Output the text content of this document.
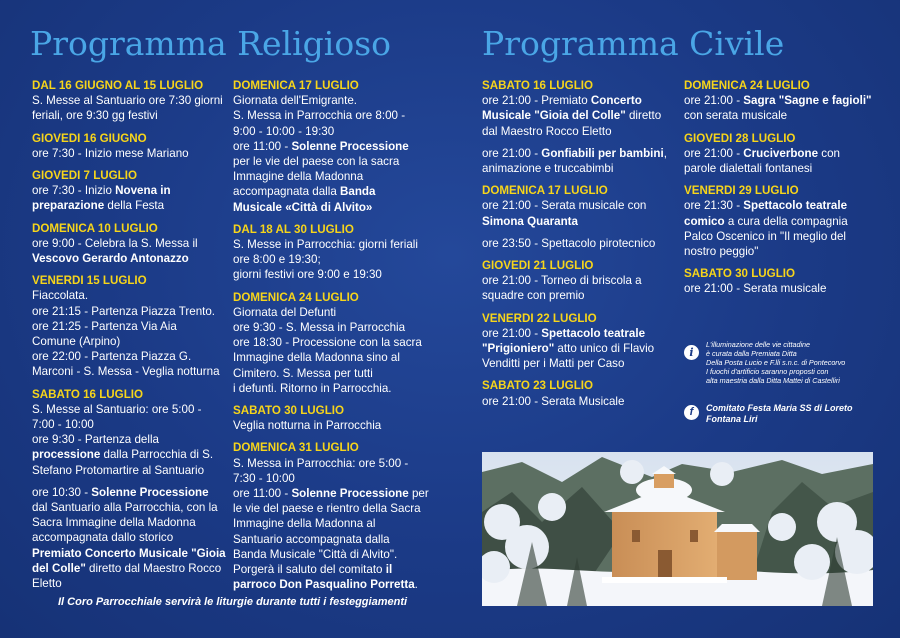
Programma Religioso	Programma Civile
DAL 16 GIUGNO AL 15 LUGLIO
S. Messe al Santuario ore 7:30 giorni
feriali, ore 9:30 gg festivi
GIOVEDI 16 GIUGNO
ore 7:30 - Inizio mese Mariano
GIOVEDI 7 LUGLIO
ore 7:30 - Inizio Novena in
preparazione della Festa
DOMENICA 10 LUGLIO
ore 9:00 - Celebra la S. Messa il
Vescovo Gerardo Antonazzo
VENERDI 15 LUGLIO
Fiaccolata.
ore 21:15 - Partenza Piazza Trento.
ore 21:25 - Partenza Via Aia
Comune (Arpino)
ore 22:00 - Partenza Piazza G.
Marconi - S. Messa - Veglia notturna
SABATO 16 LUGLIO
S. Messe al Santuario: ore 5:00 -
7:00 - 10:00
ore 9:30 - Partenza della
processione dalla Parrocchia di S.
Stefano Protomartire al Santuario
ore 10:30 - Solenne Processione
dal Santuario alla Parrocchia, con la
Sacra Immagine della Madonna
accompagnata dallo storico
Premiato Concerto Musicale "Gioia
del Colle" diretto dal Maestro Rocco
Eletto
DOMENICA 17 LUGLIO
Giornata dell'Emigrante.
S. Messa in Parrocchia ore 8:00 -
9:00 - 10:00 - 19:30
ore 11:00 - Solenne Processione
per le vie del paese con la sacra
Immagine della Madonna
accompagnata dalla Banda
Musicale «Città di Alvito»
DAL 18 AL 30 LUGLIO
S. Messe in Parrocchia: giorni feriali
ore 8:00 e 19:30;
giorni festivi ore 9:00 e 19:30
DOMENICA 24 LUGLIO
Giornata del Defunti
ore 9:30 - S. Messa in Parrocchia
ore 18:30 - Processione con la sacra
Immagine della Madonna sino al
Cimitero. S. Messa per tutti
i defunti. Ritorno in Parrocchia.
SABATO 30 LUGLIO
Veglia notturna in Parrocchia
DOMENICA 31 LUGLIO
S. Messa in Parrocchia: ore 5:00 -
7:30 - 10:00
ore 11:00 - Solenne Processione per
le vie del paese e rientro della Sacra
Immagine della Madonna al
Santuario accompagnata dalla
Banda Musicale "Città di Alvito".
Porgerà il saluto del comitato il
parroco Don Pasqualino Porretta.
SABATO 16 LUGLIO
ore 21:00 - Premiato Concerto
Musicale "Gioia del Colle" diretto
dal Maestro Rocco Eletto
ore 21:00 - Gonfiabili per bambini,
animazione e truccabimbi
DOMENICA 17 LUGLIO
ore 21:00 - Serata musicale con
Simona Quaranta
ore 23:50 - Spettacolo pirotecnico
GIOVEDI 21 LUGLIO
ore 21:00 - Torneo di briscola a
squadre con premio
VENERDI 22 LUGLIO
ore 21:00 - Spettacolo teatrale
"Prigioniero" atto unico di Flavio
Venditti per i Matti per Caso
SABATO 23 LUGLIO
ore 21:00 - Serata Musicale
DOMENICA 24 LUGLIO
ore 21:00 - Sagra "Sagne e fagioli"
con serata musicale
GIOVEDI 28 LUGLIO
ore 21:00 - Cruciverbone con
parole dialettali fontanesi
VENERDI 29 LUGLIO
ore 21:30 - Spettacolo teatrale
comico a cura della compagnia
Palco Oscenico in "Il meglio del
nostro peggio"
SABATO 30 LUGLIO
ore 21:00 - Serata musicale
i
L'illuminazione delle vie cittadine
è curata dalla Premiata Ditta
Della Posta Lucio e F.lli s.n.c. di Pontecorvo
I fuochi d'artificio saranno proposti con
alta maestria dalla Ditta Mattei di Castelliri
f	Comitato Festa Maria SS di Loreto
Fontana Liri
Il Coro Parrocchiale servirà le liturgie durante tutti i festeggiamenti
